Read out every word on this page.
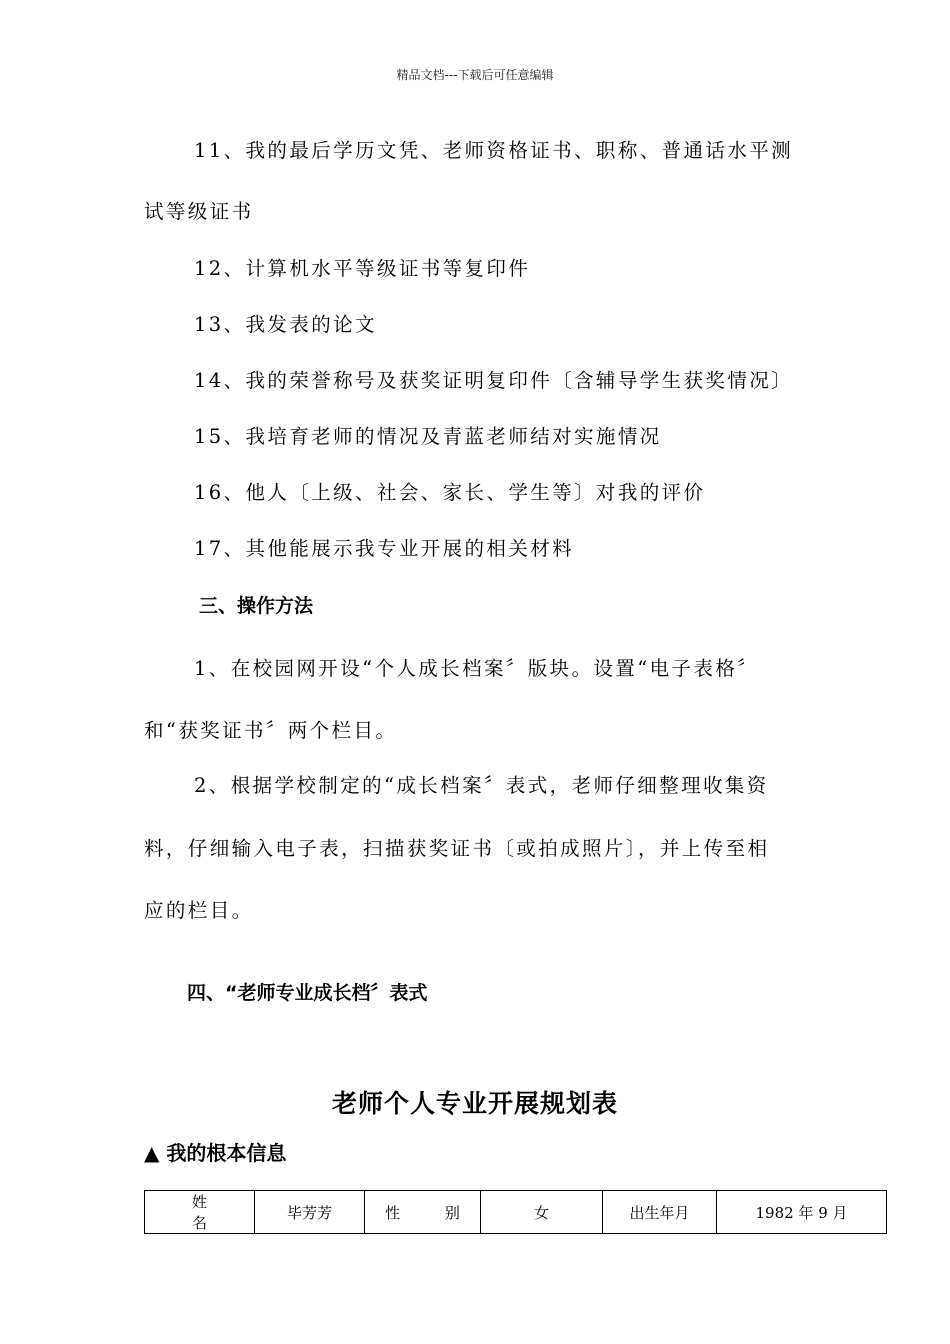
精品文档---下载后可任意编辑
11、我的最后学历文凭、老师资格证书、职称、普通话水平测
试等级证书
12、计算机水平等级证书等复印件
13、我发表的论文
14、我的荣誉称号及获奖证明复印件〔含辅导学生获奖情况〕
15、我培育老师的情况及青蓝老师结对实施情况
16、他人〔上级、社会、家长、学生等〕对我的评价
17、其他能展示我专业开展的相关材料
三、操作方法
1、在校园网开设“个人成长档案〞版块。设置“电子表格〞
和“获奖证书〞两个栏目。
2、根据学校制定的“成长档案〞表式，老师仔细整理收集资
料，仔细输入电子表，扫描获奖证书〔或拍成照片〕，并上传至相
应的栏目。
四、“老师专业成长档〞表式
老师个人专业开展规划表
▲ 我的根本信息
姓 名	毕芳芳	性 别	女	出生年月	1982 年 9 月
